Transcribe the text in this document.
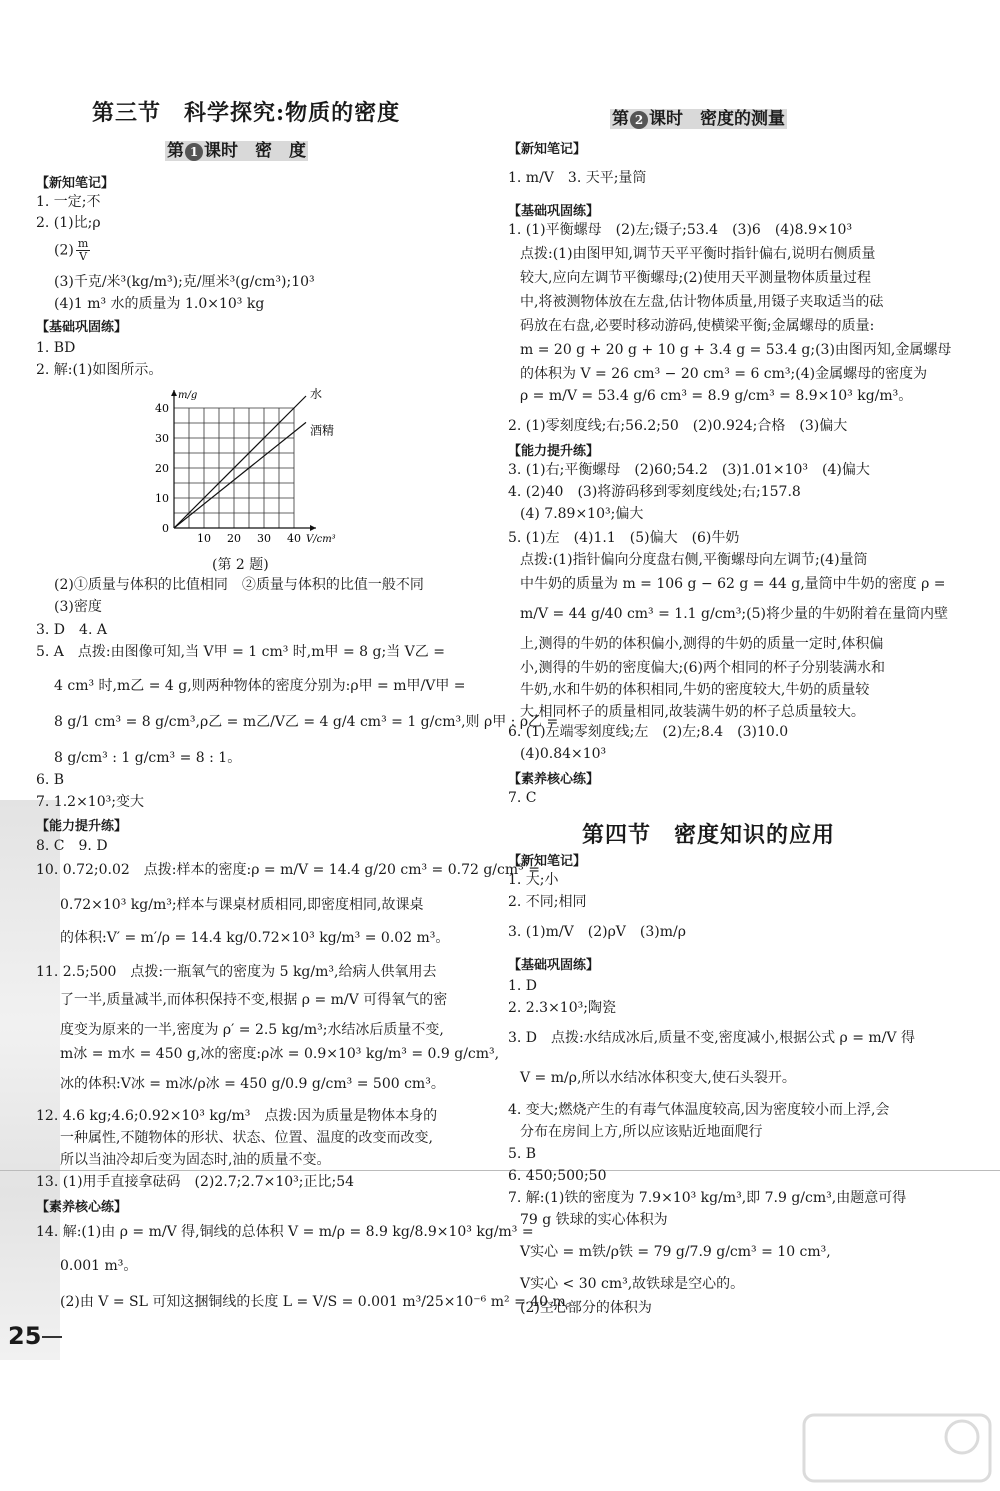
第三节　科学探究:物质的密度
第 1 课时　密　度
【新知笔记】
1. 一定;不
2. (1)比;ρ
$(2) \frac{m}{V}$
(3)千克/米³(kg/m³);克/厘米³(g/cm³);10³
(4)1 m³ 水的质量为 1.0×10³ kg
【基础巩固练】
1. BD
2. 解:(1)如图所示。
10 20 30 40
10
20
30
40
0
V/cm³
m/g	水
酒精
(第 2 题)
(2)①质量与体积的比值相同　②质量与体积的比值一般不同
(3)密度
3. D　4. A
5. A　点拨:由图像可知,当 V甲 = 1 cm³ 时,m甲 = 8 g;当 V乙 =
4 cm³ 时,m乙 = 4 g,则两种物体的密度分别为:ρ甲 = m甲/V甲 =
8 g/1 cm³ = 8 g/cm³,ρ乙 = m乙/V乙 = 4 g/4 cm³ = 1 g/cm³,则 ρ甲 : ρ乙 =
8 g/cm³ : 1 g/cm³ = 8 : 1。
6. B
7. 1.2×10³;变大
【能力提升练】
8. C　9. D
10. 0.72;0.02　点拨:样本的密度:ρ = m/V = 14.4 g/20 cm³ = 0.72 g/cm³ =
0.72×10³ kg/m³;样本与课桌材质相同,即密度相同,故课桌
的体积:V′ = m′/ρ = 14.4 kg/0.72×10³ kg/m³ = 0.02 m³。
11. 2.5;500　点拨:一瓶氧气的密度为 5 kg/m³,给病人供氧用去
了一半,质量减半,而体积保持不变,根据 ρ = m/V 可得氧气的密
度变为原来的一半,密度为 ρ′ = 2.5 kg/m³;水结冰后质量不变,
m冰 = m水 = 450 g,冰的密度:ρ冰 = 0.9×10³ kg/m³ = 0.9 g/cm³,
冰的体积:V冰 = m冰/ρ冰 = 450 g/0.9 g/cm³ = 500 cm³。
12. 4.6 kg;4.6;0.92×10³ kg/m³　点拨:因为质量是物体本身的
一种属性,不随物体的形状、状态、位置、温度的改变而改变,
所以当油冷却后变为固态时,油的质量不变。
13. (1)用手直接拿砝码　(2)2.7;2.7×10³;正比;54
【素养核心练】
14. 解:(1)由 ρ = m/V 得,铜线的总体积 V = m/ρ = 8.9 kg/8.9×10³ kg/m³ =
0.001 m³。
(2)由 V = SL 可知这捆铜线的长度 L = V/S = 0.001 m³/25×10⁻⁶ m² = 40 m。
第 2 课时　密度的测量
【新知笔记】
1. m/V　3. 天平;量筒
【基础巩固练】
1. (1)平衡螺母　(2)左;镊子;53.4　(3)6　(4)8.9×10³
点拨:(1)由图甲知,调节天平平衡时指针偏右,说明右侧质量
较大,应向左调节平衡螺母;(2)使用天平测量物体质量过程
中,将被测物体放在左盘,估计物体质量,用镊子夹取适当的砝
码放在右盘,必要时移动游码,使横梁平衡;金属螺母的质量:
m = 20 g + 20 g + 10 g + 3.4 g = 53.4 g;(3)由图丙知,金属螺母
的体积为 V = 26 cm³ − 20 cm³ = 6 cm³;(4)金属螺母的密度为
ρ = m/V = 53.4 g/6 cm³ = 8.9 g/cm³ = 8.9×10³ kg/m³。
2. (1)零刻度线;右;56.2;50　(2)0.924;合格　(3)偏大
【能力提升练】
3. (1)右;平衡螺母　(2)60;54.2　(3)1.01×10³　(4)偏大
4. (2)40　(3)将游码移到零刻度线处;右;157.8
(4) 7.89×10³;偏大
5. (1)左　(4)1.1　(5)偏大　(6)牛奶
点拨:(1)指针偏向分度盘右侧,平衡螺母向左调节;(4)量筒
中牛奶的质量为 m = 106 g − 62 g = 44 g,量筒中牛奶的密度 ρ =
m/V = 44 g/40 cm³ = 1.1 g/cm³;(5)将少量的牛奶附着在量筒内壁
上,测得的牛奶的体积偏小,测得的牛奶的质量一定时,体积偏
小,测得的牛奶的密度偏大;(6)两个相同的杯子分别装满水和
牛奶,水和牛奶的体积相同,牛奶的密度较大,牛奶的质量较
大,相同杯子的质量相同,故装满牛奶的杯子总质量较大。
6. (1)左端零刻度线;左　(2)左;8.4　(3)10.0
(4)0.84×10³
【素养核心练】
7. C
第四节　密度知识的应用
【新知笔记】
1. 大;小
2. 不同;相同
3. (1)m/V　(2)ρV　(3)m/ρ
【基础巩固练】
1. D
2. 2.3×10³;陶瓷
3. D　点拨:水结成冰后,质量不变,密度减小,根据公式 ρ = m/V 得
V = m/ρ,所以水结冰体积变大,使石头裂开。
4. 变大;燃烧产生的有毒气体温度较高,因为密度较小而上浮,会
分布在房间上方,所以应该贴近地面爬行
5. B
6. 450;500;50
7. 解:(1)铁的密度为 7.9×10³ kg/m³,即 7.9 g/cm³,由题意可得
79 g 铁球的实心体积为
V实心 = m铁/ρ铁 = 79 g/7.9 g/cm³ = 10 cm³,
V实心 < 30 cm³,故铁球是空心的。
(2)空心部分的体积为
25
